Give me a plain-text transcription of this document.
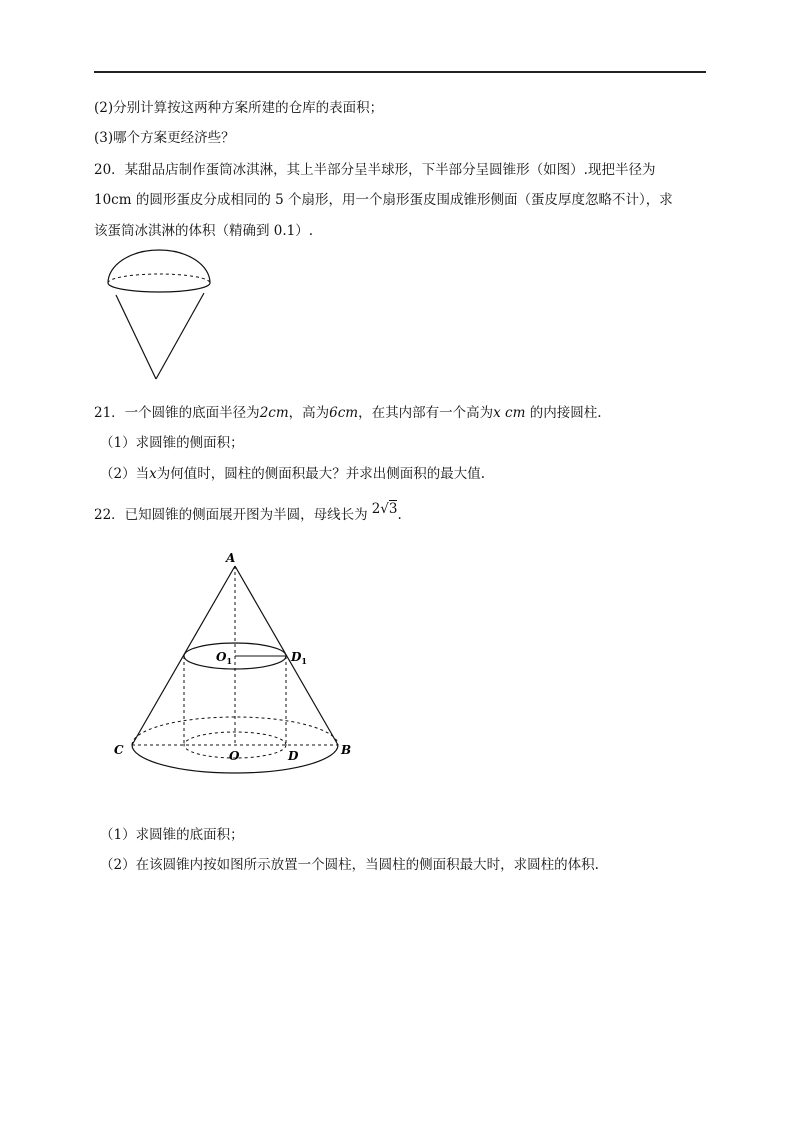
(2)分别计算按这两种方案所建的仓库的表面积；
(3)哪个方案更经济些？
20．某甜品店制作蛋筒冰淇淋，其上半部分呈半球形，下半部分呈圆锥形（如图）.现把半径为
10cm 的圆形蛋皮分成相同的 5 个扇形，用一个扇形蛋皮围成锥形侧面（蛋皮厚度忽略不计），求
该蛋筒冰淇淋的体积（精确到 0.1）.
21．一个圆锥的底面半径为2cm，高为6cm，在其内部有一个高为x cm 的内接圆柱.
（1）求圆锥的侧面积；
（2）当x为何值时，圆柱的侧面积最大？并求出侧面积的最大值.
22．已知圆锥的侧面展开图为半圆，母线长为 2√3.
A
$O_1$	$D_1$
C	O	D	B
（1）求圆锥的底面积；
（2）在该圆锥内按如图所示放置一个圆柱，当圆柱的侧面积最大时，求圆柱的体积.
